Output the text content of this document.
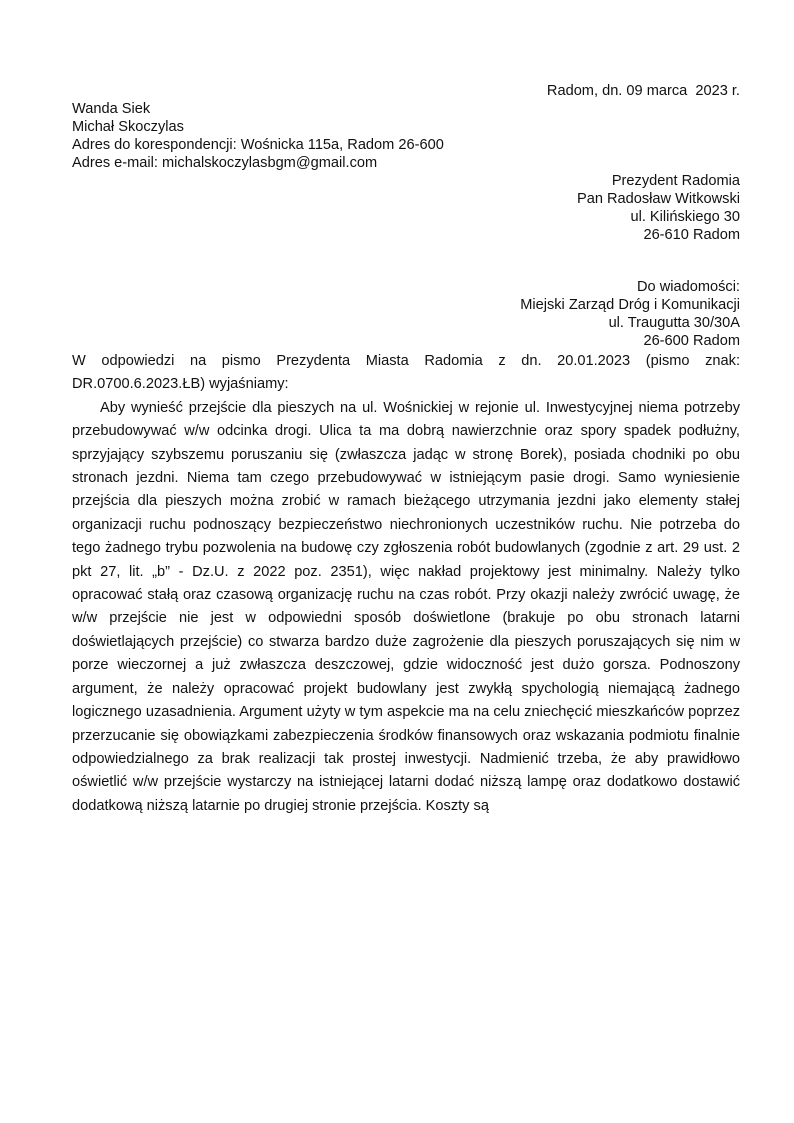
Radom, dn. 09 marca  2023 r.

Wanda Siek

Michał Skoczylas

Adres do korespondencji: Wośnicka 115a, Radom 26-600

Adres e-mail: michalskoczylasbgm@gmail.com

Prezydent Radomia

Pan Radosław Witkowski

ul. Kilińskiego 30

26-610 Radom

Do wiadomości:

Miejski Zarząd Dróg i Komunikacji

ul. Traugutta 30/30A

26-600 Radom

W odpowiedzi na pismo Prezydenta Miasta Radomia z dn. 20.01.2023 (pismo znak: DR.0700.6.2023.ŁB) wyjaśniamy:

Aby wynieść przejście dla pieszych na ul. Wośnickiej w rejonie ul. Inwestycyjnej niema potrzeby przebudowywać w/w odcinka drogi. Ulica ta ma dobrą nawierzchnie oraz spory spadek podłużny, sprzyjający szybszemu poruszaniu się (zwłaszcza jadąc w stronę Borek), posiada chodniki po obu stronach jezdni. Niema tam czego przebudowywać w istniejącym pasie drogi. Samo wyniesienie przejścia dla pieszych można zrobić w ramach bieżącego utrzymania jezdni jako elementy stałej organizacji ruchu podnoszący bezpieczeństwo niechronionych uczestników ruchu. Nie potrzeba do tego żadnego trybu pozwolenia na budowę czy zgłoszenia robót budowlanych (zgodnie z art. 29 ust. 2 pkt 27, lit. „b” - Dz.U. z 2022 poz. 2351), więc nakład projektowy jest minimalny. Należy tylko opracować stałą oraz czasową organizację ruchu na czas robót. Przy okazji należy zwrócić uwagę, że w/w przejście nie jest w odpowiedni sposób doświetlone (brakuje po obu stronach latarni doświetlających przejście) co stwarza bardzo duże zagrożenie dla pieszych poruszających się nim w porze wieczornej a już zwłaszcza deszczowej, gdzie widoczność jest dużo gorsza. Podnoszony argument, że należy opracować projekt budowlany jest zwykłą spychologią niemającą żadnego logicznego uzasadnienia. Argument użyty w tym aspekcie ma na celu zniechęcić mieszkańców poprzez przerzucanie się obowiązkami zabezpieczenia środków finansowych oraz wskazania podmiotu finalnie odpowiedzialnego za brak realizacji tak prostej inwestycji. Nadmienić trzeba, że aby prawidłowo oświetlić w/w przejście wystarczy na istniejącej latarni dodać niższą lampę oraz dodatkowo dostawić dodatkową niższą latarnie po drugiej stronie przejścia. Koszty są
